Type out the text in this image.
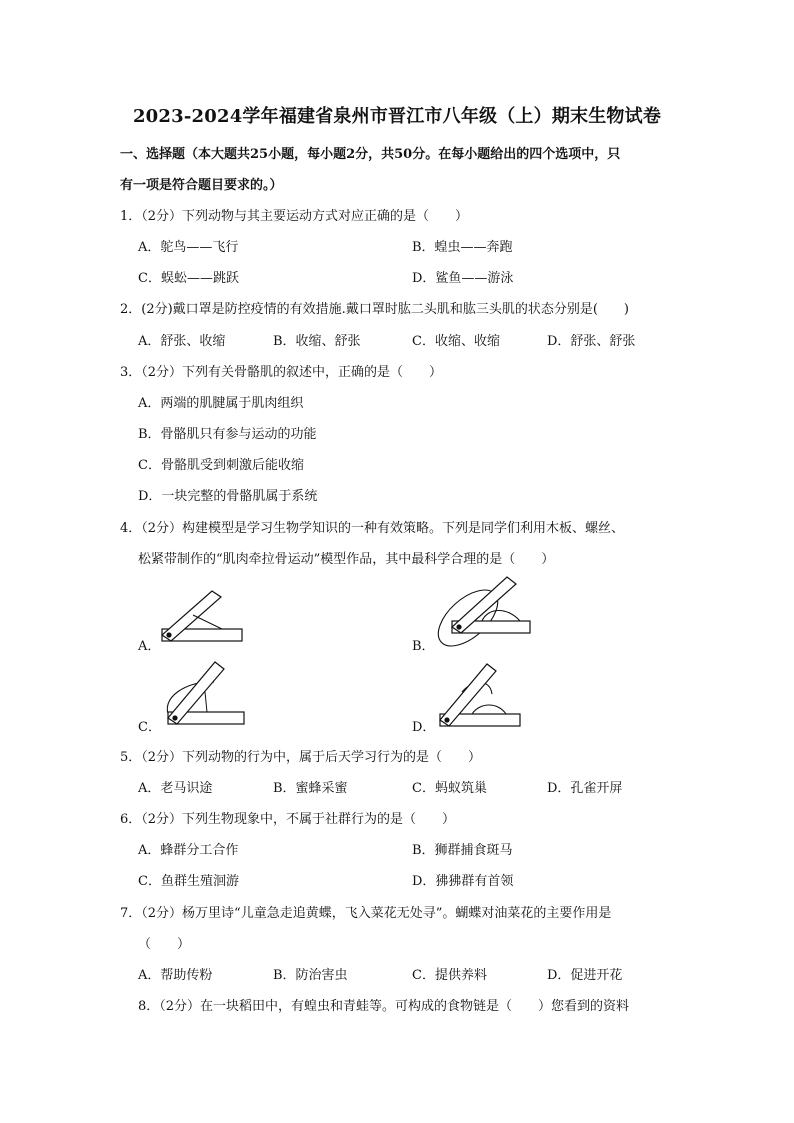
2023-2024学年福建省泉州市晋江市八年级（上）期末生物试卷
一、选择题（本大题共25小题，每小题2分，共50分。在每小题给出的四个选项中，只
有一项是符合题目要求的。）
1．（2分）下列动物与其主要运动方式对应正确的是（　　）
A．鸵鸟——飞行	B．蝗虫——奔跑
C．蜈蚣——跳跃	D．鲨鱼——游泳
2．(2分)戴口罩是防控疫情的有效措施.戴口罩时肱二头肌和肱三头肌的状态分别是(　　)
A．舒张、收缩	B．收缩、舒张	C．收缩、收缩	D．舒张、舒张
3．（2分）下列有关骨骼肌的叙述中，正确的是（　　）
A．两端的肌腱属于肌肉组织
B．骨骼肌只有参与运动的功能
C．骨骼肌受到刺激后能收缩
D．一块完整的骨骼肌属于系统
4．（2分）构建模型是学习生物学知识的一种有效策略。下列是同学们利用木板、螺丝、
松紧带制作的“肌肉牵拉骨运动”模型作品，其中最科学合理的是（　　）
A．	B．
C．	D．
5．（2分）下列动物的行为中，属于后天学习行为的是（　　）
A．老马识途	B．蜜蜂采蜜	C．蚂蚁筑巢	D．孔雀开屏
6．（2分）下列生物现象中，不属于社群行为的是（　　）
A．蜂群分工合作	B．狮群捕食斑马
C．鱼群生殖洄游	D．狒狒群有首领
7．（2分）杨万里诗“儿童急走追黄蝶，飞入菜花无处寻”。蝴蝶对油菜花的主要作用是
（　　）
A．帮助传粉	B．防治害虫	C．提供养料	D．促进开花
8．（2分）在一块稻田中，有蝗虫和青蛙等。可构成的食物链是（　　）您看到的资料
